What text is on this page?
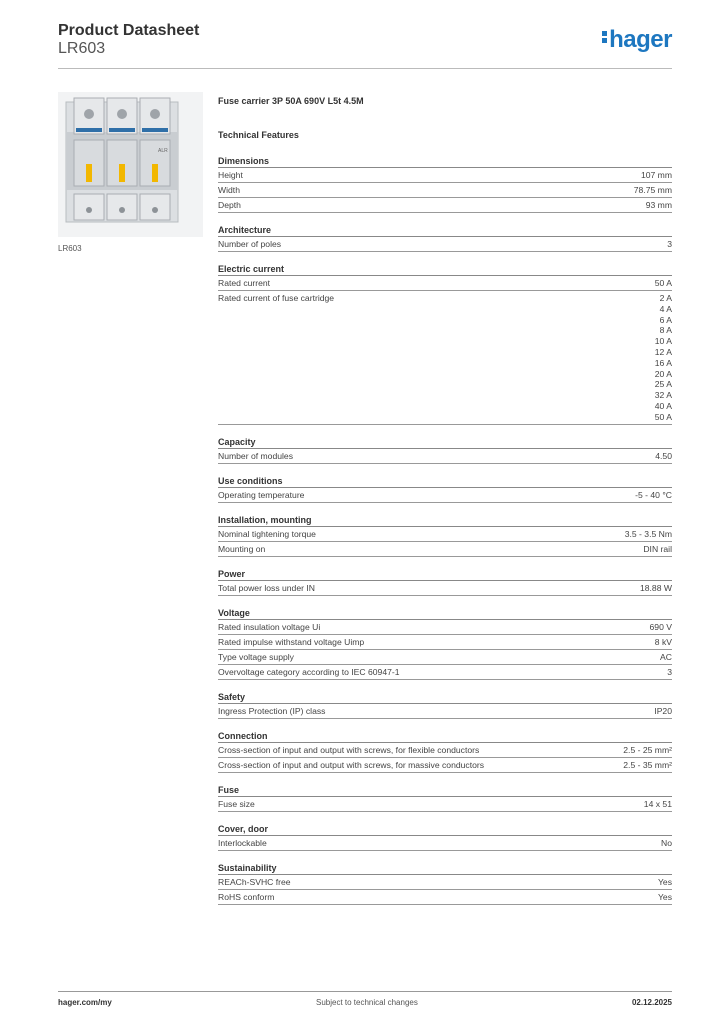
Product Datasheet
LR603	hager
ALR
LR603
Fuse carrier 3P 50A 690V L5t 4.5M
Technical Features
Dimensions
Height	107 mm
Width	78.75 mm
Depth	93 mm
Architecture
Number of poles	3
Electric current
Rated current	50 A
Rated current of fuse cartridge	2 A
4 A
6 A
8 A
10 A
12 A
16 A
20 A
25 A
32 A
40 A
50 A
Capacity
Number of modules	4.50
Use conditions
Operating temperature	-5 - 40 °C
Installation, mounting
Nominal tightening torque	3.5 - 3.5 Nm
Mounting on	DIN rail
Power
Total power loss under IN	18.88 W
Voltage
Rated insulation voltage Ui	690 V
Rated impulse withstand voltage Uimp	8 kV
Type voltage supply	AC
Overvoltage category according to IEC 60947-1	3
Safety
Ingress Protection (IP) class	IP20
Connection
Cross-section of input and output with screws, for flexible conductors	2.5 - 25 mm²
Cross-section of input and output with screws, for massive conductors	2.5 - 35 mm²
Fuse
Fuse size	14 x 51
Cover, door
Interlockable	No
Sustainability
REACh-SVHC free	Yes
RoHS conform	Yes
hager.com/my	Subject to technical changes	02.12.2025
